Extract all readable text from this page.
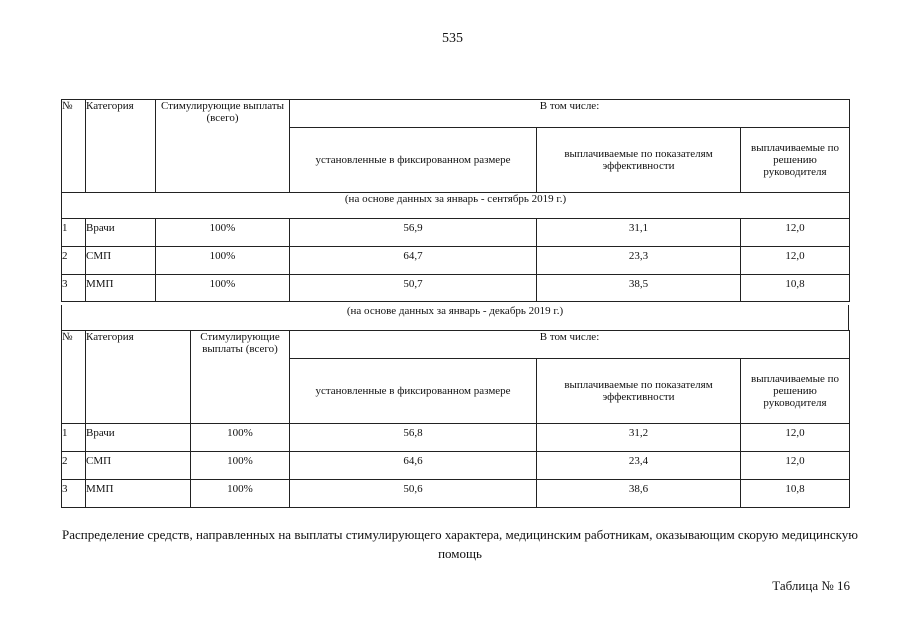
535
№	Категория	Стимулирующие выплаты (всего)	В том числе:		
			установленные в фиксированном размере	выплачиваемые по показателям эффективности	выплачиваемые по решению руководителя
(на основе данных за январь - сентябрь 2019 г.)					
1	Врачи	100%	56,9	31,1	12,0
2	СМП	100%	64,7	23,3	12,0
3	ММП	100%	50,7	38,5	10,8
(на основе данных за январь - декабрь 2019 г.)
№	Категория	Стимулирующие выплаты (всего)	В том числе:		
			установленные в фиксированном размере	выплачиваемые по показателям эффективности	выплачиваемые по решению руководителя
1	Врачи	100%	56,8	31,2	12,0
2	СМП	100%	64,6	23,4	12,0
3	ММП	100%	50,6	38,6	10,8
Распределение средств, направленных на выплаты стимулирующего характера, медицинским работникам, оказывающим скорую медицинскую помощь
Таблица № 16
